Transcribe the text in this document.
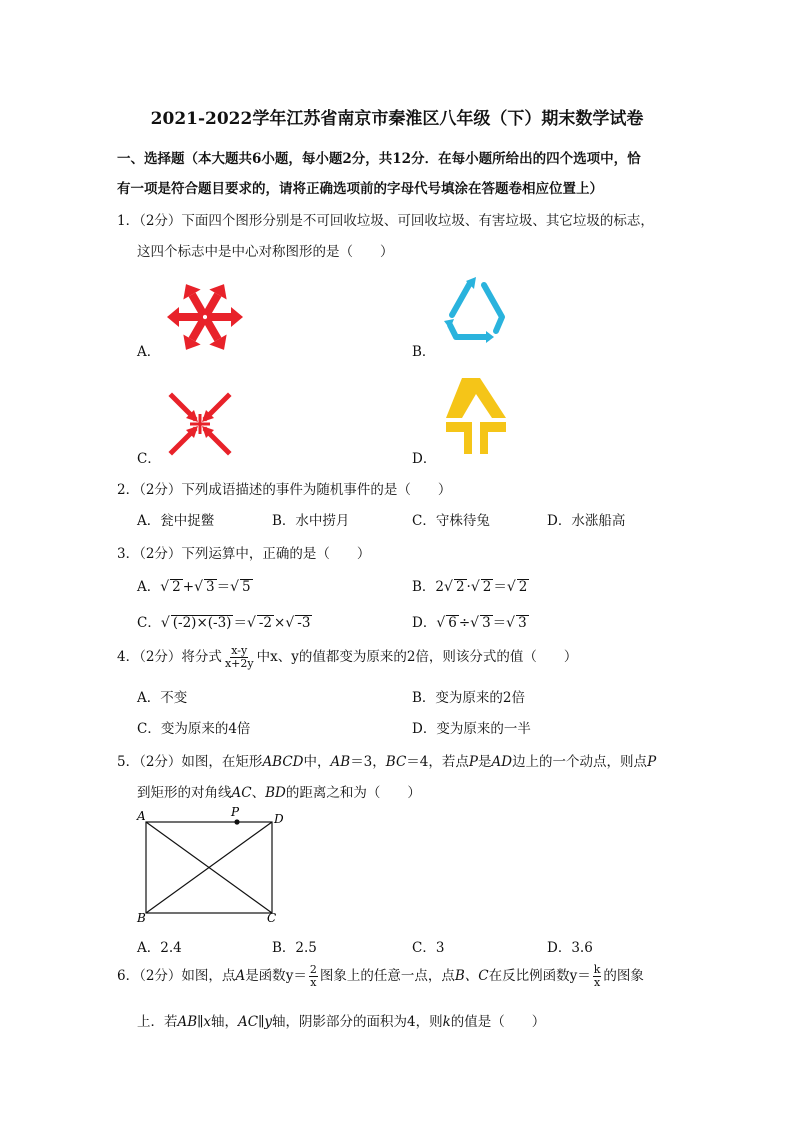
2021-2022学年江苏省南京市秦淮区八年级（下）期末数学试卷
一、选择题（本大题共6小题，每小题2分，共12分．在每小题所给出的四个选项中，恰
有一项是符合题目要求的，请将正确选项前的字母代号填涂在答题卷相应位置上）
1．（2分）下面四个图形分别是不可回收垃圾、可回收垃圾、有害垃圾、其它垃圾的标志，
这四个标志中是中心对称图形的是（　　）
A．	B．
C．	D．
2．（2分）下列成语描述的事件为随机事件的是（　　）
A．瓮中捉鳖	B．水中捞月	C．守株待兔	D．水涨船高
3．（2分）下列运算中，正确的是（　　）
A．√ 2 +√ 3 ＝√ 5	B．2√ 2 ·√ 2 ＝√ 2
C．√ (-2)×(-3) ＝√ -2 ×√ -3	D．√ 6 ÷√ 3 ＝√ 3
4．（2分）将分式 $\frac{x-y}{x+2y}$ 中x、y的值都变为原来的2倍，则该分式的值（　　）
A．不变	B．变为原来的2倍
C．变为原来的4倍	D．变为原来的一半
5．（2分）如图，在矩形ABCD中，AB＝3，BC＝4，若点P是AD边上的一个动点，则点P
到矩形的对角线AC、BD的距离之和为（　　）
A	P	D
B	C
A．2.4	B．2.5	C．3	D．3.6
6．（2分）如图，点A是函数$y= \frac{2}{x}$ 图象上的任意一点，点B、C在反比例函数$y= \frac{k}{x}$ 的图象
上．若AB∥x轴，AC∥y轴，阴影部分的面积为4，则k的值是（　　）
